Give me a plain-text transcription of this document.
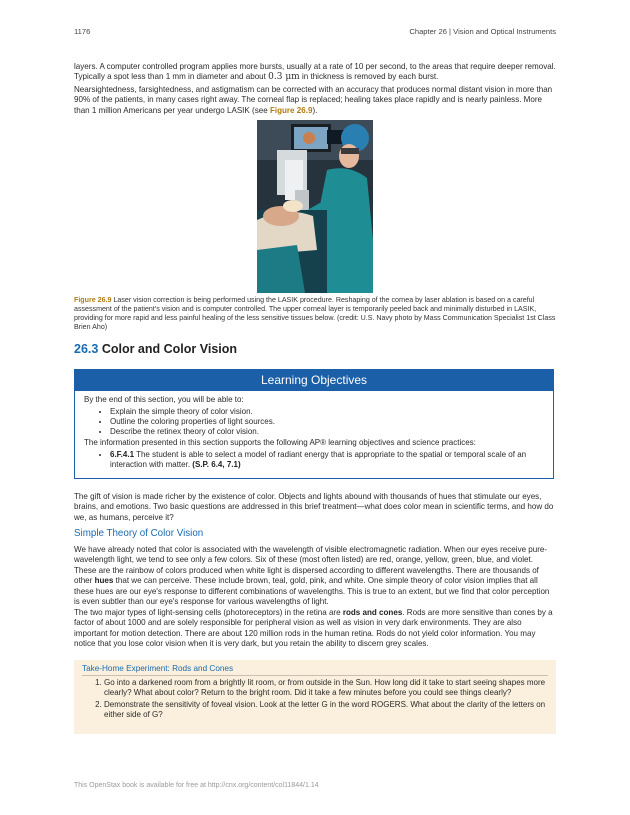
1176	Chapter 26 | Vision and Optical Instruments

layers. A computer controlled program applies more bursts, usually at a rate of 10 per second, to the areas that require deeper removal. Typically a spot less than 1 mm in diameter and about 0.3 μm in thickness is removed by each burst.

Nearsightedness, farsightedness, and astigmatism can be corrected with an accuracy that produces normal distant vision in more than 90% of the patients, in many cases right away. The corneal flap is replaced; healing takes place rapidly and is nearly painless. More than 1 million Americans per year undergo LASIK (see Figure 26.9).

Figure 26.9 Laser vision correction is being performed using the LASIK procedure. Reshaping of the cornea by laser ablation is based on a careful assessment of the patient's vision and is computer controlled. The upper corneal layer is temporarily peeled back and minimally disturbed in LASIK, providing for more rapid and less painful healing of the less sensitive tissues below. (credit: U.S. Navy photo by Mass Communication Specialist 1st Class Brien Aho)
26.3 Color and Color Vision
Learning Objectives

By the end of this section, you will be able to:

• Explain the simple theory of color vision.
• Outline the coloring properties of light sources.
• Describe the retinex theory of color vision.

The information presented in this section supports the following AP® learning objectives and science practices:

• 6.F.4.1 The student is able to select a model of radiant energy that is appropriate to the spatial or temporal scale of an interaction with matter. (S.P. 6.4, 7.1)

The gift of vision is made richer by the existence of color. Objects and lights abound with thousands of hues that stimulate our eyes, brains, and emotions. Two basic questions are addressed in this brief treatment—what does color mean in scientific terms, and how do we, as humans, perceive it?

Simple Theory of Color Vision

We have already noted that color is associated with the wavelength of visible electromagnetic radiation. When our eyes receive pure-wavelength light, we tend to see only a few colors. Six of these (most often listed) are red, orange, yellow, green, blue, and violet. These are the rainbow of colors produced when white light is dispersed according to different wavelengths. There are thousands of other hues that we can perceive. These include brown, teal, gold, pink, and white. One simple theory of color vision implies that all these hues are our eye's response to different combinations of wavelengths. This is true to an extent, but we find that color perception is even subtler than our eye's response for various wavelengths of light.

The two major types of light-sensing cells (photoreceptors) in the retina are rods and cones. Rods are more sensitive than cones by a factor of about 1000 and are solely responsible for peripheral vision as well as vision in very dark environments. They are also important for motion detection. There are about 120 million rods in the human retina. Rods do not yield color information. You may notice that you lose color vision when it is very dark, but you retain the ability to discern grey scales.

Take-Home Experiment: Rods and Cones
1. Go into a darkened room from a brightly lit room, or from outside in the Sun. How long did it take to start seeing shapes more clearly? What about color? Return to the bright room. Did it take a few minutes before you could see things clearly?
2. Demonstrate the sensitivity of foveal vision. Look at the letter G in the word ROGERS. What about the clarity of the letters on either side of G?
This OpenStax book is available for free at http://cnx.org/content/col11844/1.14
